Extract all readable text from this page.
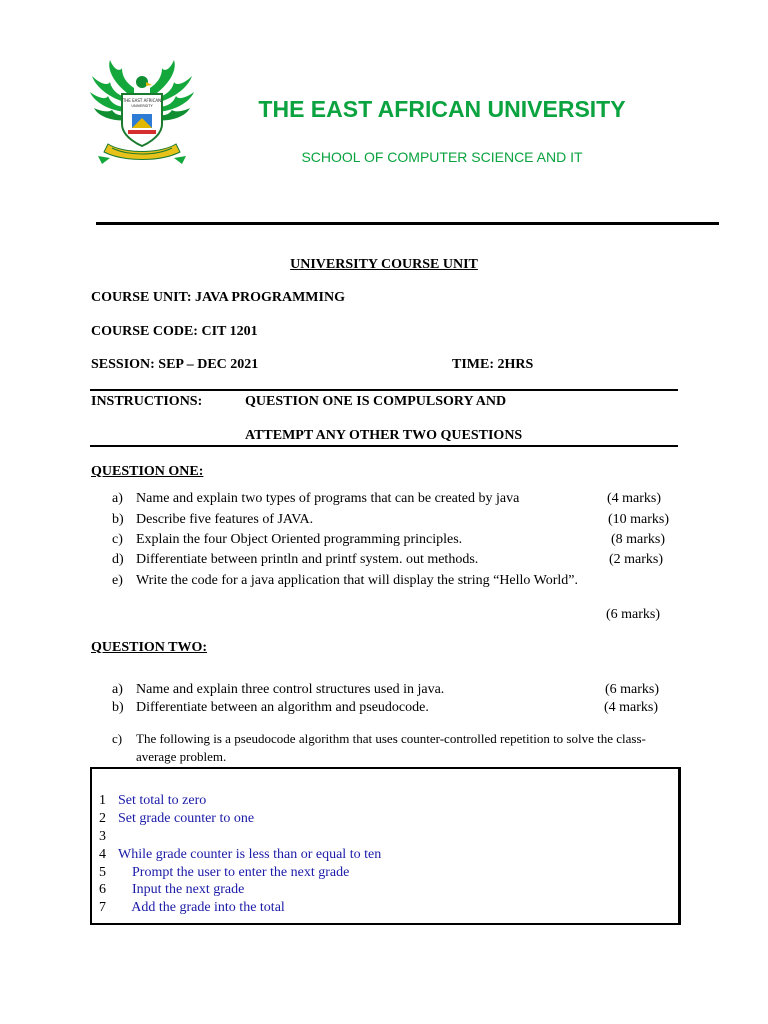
THE EAST AFRICAN
UNIVERSITY	THE EAST AFRICAN UNIVERSITY
SCHOOL OF COMPUTER SCIENCE AND IT
UNIVERSITY COURSE UNIT
COURSE UNIT: JAVA PROGRAMMING
COURSE CODE: CIT 1201
SESSION: SEP – DEC 2021	TIME: 2HRS
INSTRUCTIONS:	QUESTION ONE IS COMPULSORY AND
ATTEMPT ANY OTHER TWO QUESTIONS
QUESTION ONE:
a) Name and explain two types of programs that can be created by java	(4 marks)
b) Describe five features of JAVA.	(10 marks)
c) Explain the four Object Oriented programming principles.	(8 marks)
d) Differentiate between println and printf system. out methods.	(2 marks)
e) Write the code for a java application that will display the string “Hello World”.
(6 marks)
QUESTION TWO:
a) Name and explain three control structures used in java.	(6 marks)
b) Differentiate between an algorithm and pseudocode.	(4 marks)
c) The following is a pseudocode algorithm that uses counter-controlled repetition to solve the class-
average problem.
1 Set total to zero
2 Set grade counter to one
3
4 While grade counter is less than or equal to ten
5    Prompt the user to enter the next grade
6    Input the next grade
7    Add the grade into the total
